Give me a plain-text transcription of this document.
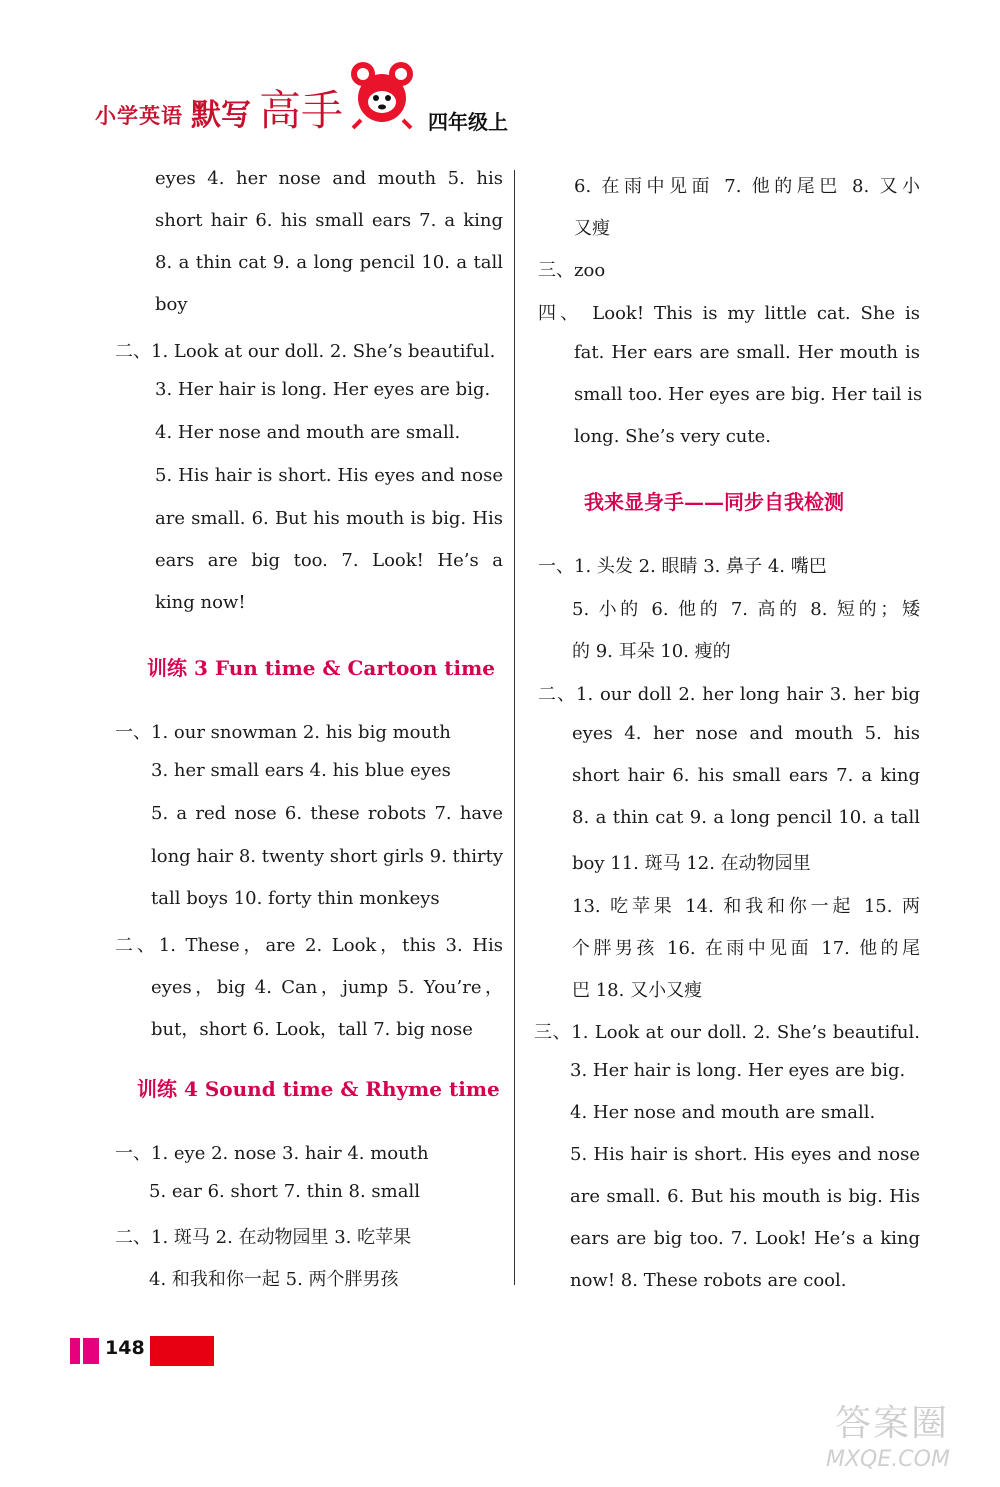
小学英语 默写 高手	四年级上
eyes 4. her nose and mouth 5. his
short hair 6. his small ears 7. a king
8. a thin cat 9. a long pencil 10. a tall
boy
二、1. Look at our doll. 2. She’s beautiful.
3. Her hair is long. Her eyes are big.
4. Her nose and mouth are small.
5. His hair is short. His eyes and nose
are small. 6. But his mouth is big. His
ears are big too. 7. Look! He’s a
king now!
训练 3 Fun time & Cartoon time
一、1. our snowman 2. his big mouth
3. her small ears 4. his blue eyes
5. a red nose 6. these robots 7. have
long hair 8. twenty short girls 9. thirty
tall boys 10. forty thin monkeys
二、1. These，are 2. Look，this 3. His
eyes，big 4. Can，jump 5. You’re，
but，short 6. Look，tall 7. big nose
训练 4 Sound time & Rhyme time
一、1. eye 2. nose 3. hair 4. mouth
5. ear 6. short 7. thin 8. small
二、1. 斑马 2. 在动物园里 3. 吃苹果
4. 和我和你一起 5. 两个胖男孩
6. 在雨中见面 7. 他的尾巴 8. 又小
又瘦
三、zoo
四、 Look! This is my little cat. She is
fat. Her ears are small. Her mouth is
small too. Her eyes are big. Her tail is
long. She’s very cute.
我来显身手——同步自我检测
一、1. 头发 2. 眼睛 3. 鼻子 4. 嘴巴
5. 小的 6. 他的 7. 高的 8. 短的；矮
的 9. 耳朵 10. 瘦的
二、1. our doll 2. her long hair 3. her big
eyes 4. her nose and mouth 5. his
short hair 6. his small ears 7. a king
8. a thin cat 9. a long pencil 10. a tall
boy 11. 斑马 12. 在动物园里
13. 吃苹果 14. 和我和你一起 15. 两
个胖男孩 16. 在雨中见面 17. 他的尾
巴 18. 又小又瘦
三、1. Look at our doll. 2. She’s beautiful.
3. Her hair is long. Her eyes are big.
4. Her nose and mouth are small.
5. His hair is short. His eyes and nose
are small. 6. But his mouth is big. His
ears are big too. 7. Look! He’s a king
now! 8. These robots are cool.
148
答案圈
MXQE.COM
